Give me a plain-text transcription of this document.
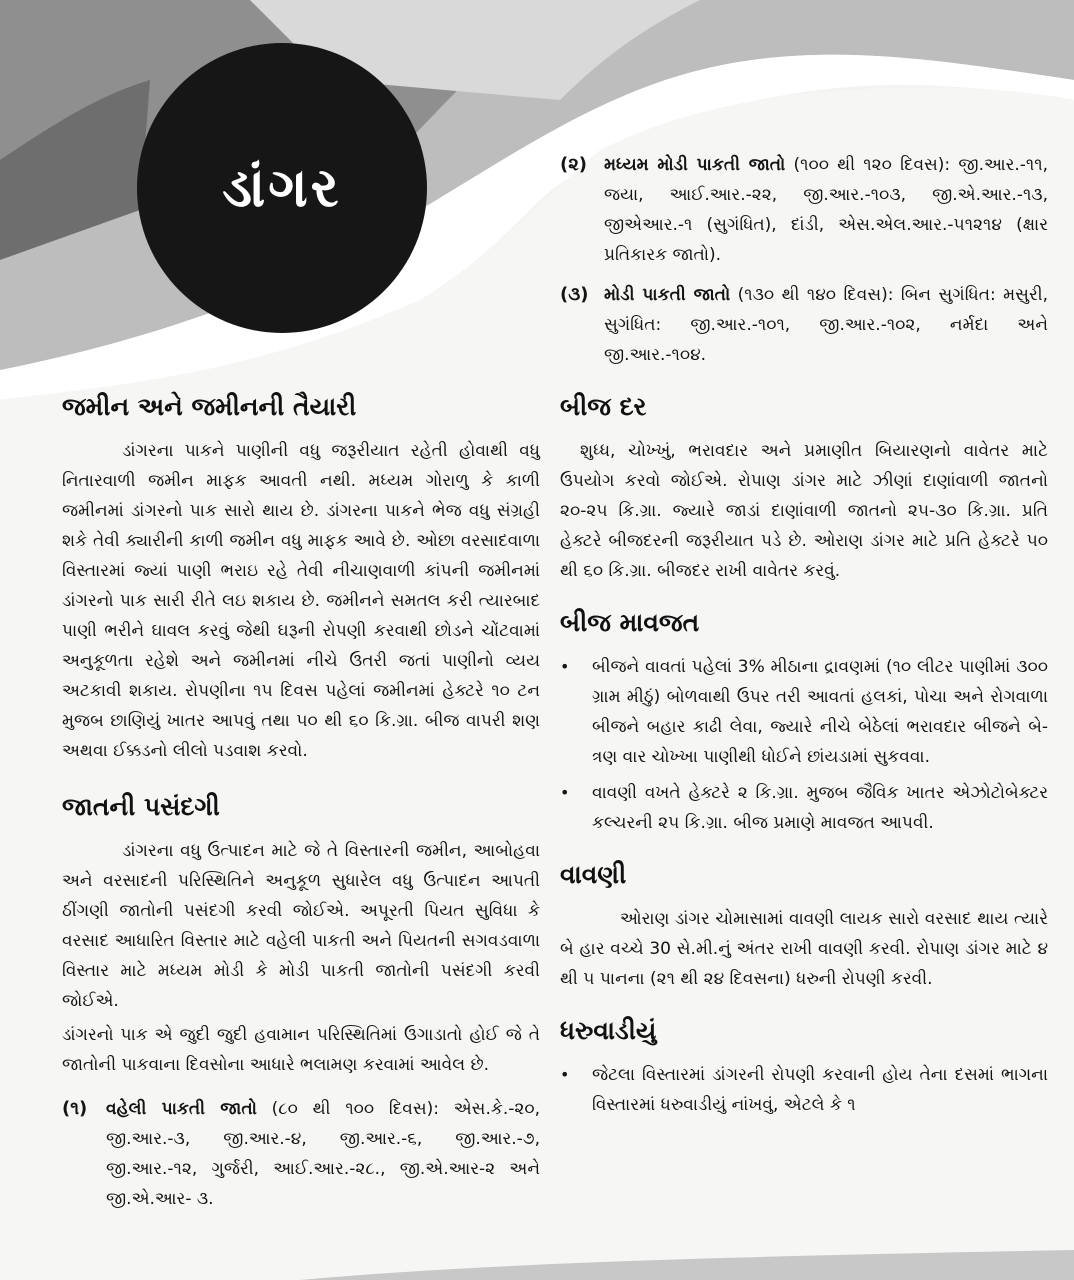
ડાંગર
જમીન અને જમીનની તૈયારી

ડાંગરના પાકને પાણીની વધુ જરૂરીયાત રહેતી હોવાથી વધુ નિતારવાળી જમીન માફક આવતી નથી. મધ્યમ ગોરાળુ કે કાળી જમીનમાં ડાંગરનો પાક સારો થાય છે. ડાંગરના પાકને ભેજ વધુ સંગ્રહી શકે તેવી ક્યારીની કાળી જમીન વધુ માફક આવે છે. ઓછા વરસાદવાળા વિસ્તારમાં જ્યાં પાણી ભરાઇ રહે તેવી નીચાણવાળી કાંપની જમીનમાં ડાંગરનો પાક સારી રીતે લઇ શકાય છે. જમીનને સમતલ કરી ત્યારબાદ પાણી ભરીને ઘાવલ કરવું જેથી ઘરૂની રોપણી કરવાથી છોડને ચોંટવામાં અનુકૂળતા રહેશે અને જમીનમાં નીચે ઉતરી જતાં પાણીનો વ્યય અટકાવી શકાય. રોપણીના ૧૫ દિવસ પહેલાં જમીનમાં હેક્ટરે ૧૦ ટન મુજબ છાણિયું ખાતર આપવું તથા ૫૦ થી ૬૦ કિ.ગ્રા. બીજ વાપરી શણ અથવા ઈક્કડનો લીલો પડવાશ કરવો.

જાતની પસંદગી

ડાંગરના વધુ ઉત્પાદન માટે જે તે વિસ્તારની જમીન, આબોહવા અને વરસાદની પરિસ્થિતિને અનુકૂળ સુધારેલ વધુ ઉત્પાદન આપતી ઠીંગણી જાતોની પસંદગી કરવી જોઈએ. અપૂરતી પિયત સુવિધા કે વરસાદ આધારિત વિસ્તાર માટે વહેલી પાકતી અને પિયતની સગવડવાળા વિસ્તાર માટે મધ્યમ મોડી કે મોડી પાકતી જાતોની પસંદગી કરવી જોઈએ.

ડાંગરનો પાક એ જુદી જુદી હવામાન પરિસ્થિતિમાં ઉગાડાતો હોઈ જે તે જાતોની પાકવાના દિવસોના આધારે ભલામણ કરવામાં આવેલ છે.

(૧)	વહેલી પાકતી જાતો (૮૦ થી ૧૦૦ દિવસ): એસ.કે.-૨૦, જી.આર.-૩, જી.આર.-૪, જી.આર.-૬, જી.આર.-૭, જી.આર.-૧૨, ગુર્જરી, આઈ.આર.-૨૮., જી.એ.આર-૨ અને જી.એ.આર- ૩.
(૨) મધ્યમ મોડી પાકતી જાતો (૧૦૦ થી ૧૨૦ દિવસ): જી.આર.-૧૧, જયા, આઈ.આર.-૨૨, જી.આર.-૧૦૩, જી.એ.આર.-૧૩, જીએઆર.-૧ (સુગંધિત), દાંડી, એસ.એલ.આર.-૫૧૨૧૪ (ક્ષાર પ્રતિકારક જાતો).
(૩) મોડી પાકતી જાતો (૧૩૦ થી ૧૪૦ દિવસ): બિન સુગંધિત: મસુરી, સુગંધિત: જી.આર.-૧૦૧, જી.આર.-૧૦૨, નર્મદા અને જી.આર.-૧૦૪.
બીજ દર

શુધ્ધ, ચોખ્ખું, ભરાવદાર અને પ્રમાણીત બિયારણનો વાવેતર માટે ઉપયોગ કરવો જોઈએ. રોપાણ ડાંગર માટે ઝીણાં દાણાંવાળી જાતનો ૨૦-૨૫ કિ.ગ્રા. જ્યારે જાડાં દાણાંવાળી જાતનો ૨૫-૩૦ કિ.ગ્રા. પ્રતિ હેક્ટરે બીજદરની જરૂરીયાત પડે છે. ઓરાણ ડાંગર માટે પ્રતિ હેક્ટરે ૫૦ થી ૬૦ કિ.ગ્રા. બીજદર રાખી વાવેતર કરવું.

બીજ માવજત
•	બીજને વાવતાં પહેલાં 3% મીઠાના દ્રાવણમાં (૧૦ લીટર પાણીમાં ૩૦૦ ગ્રામ મીઠું) બોળવાથી ઉપર તરી આવતાં હલકાં, પોચા અને રોગવાળા બીજને બહાર કાઢી લેવા, જ્યારે નીચે બેઠેલાં ભરાવદાર બીજને બે-ત્રણ વાર ચોખ્ખા પાણીથી ધોઈને છાંયડામાં સુકવવા.
•	વાવણી વખતે હેક્ટરે ૨ કિ.ગ્રા. મુજબ જૈવિક ખાતર એઝોટોબેક્ટર કલ્ચરની ૨૫ કિ.ગ્રા. બીજ પ્રમાણે માવજત આપવી.
વાવણી

ઓરાણ ડાંગર ચોમાસામાં વાવણી લાયક સારો વરસાદ થાય ત્યારે બે હાર વચ્ચે 30 સે.મી.નું અંતર રાખી વાવણી કરવી. રોપાણ ડાંગર માટે ૪ થી ૫ પાનના (૨૧ થી ૨૪ દિવસના) ધરુની રોપણી કરવી.

ધરુવાડીયું
•	જેટલા વિસ્તારમાં ડાંગરની રોપણી કરવાની હોય તેના દસમાં ભાગના વિસ્તારમાં ધરુવાડીયું નાંખવું, એટલે કે ૧
